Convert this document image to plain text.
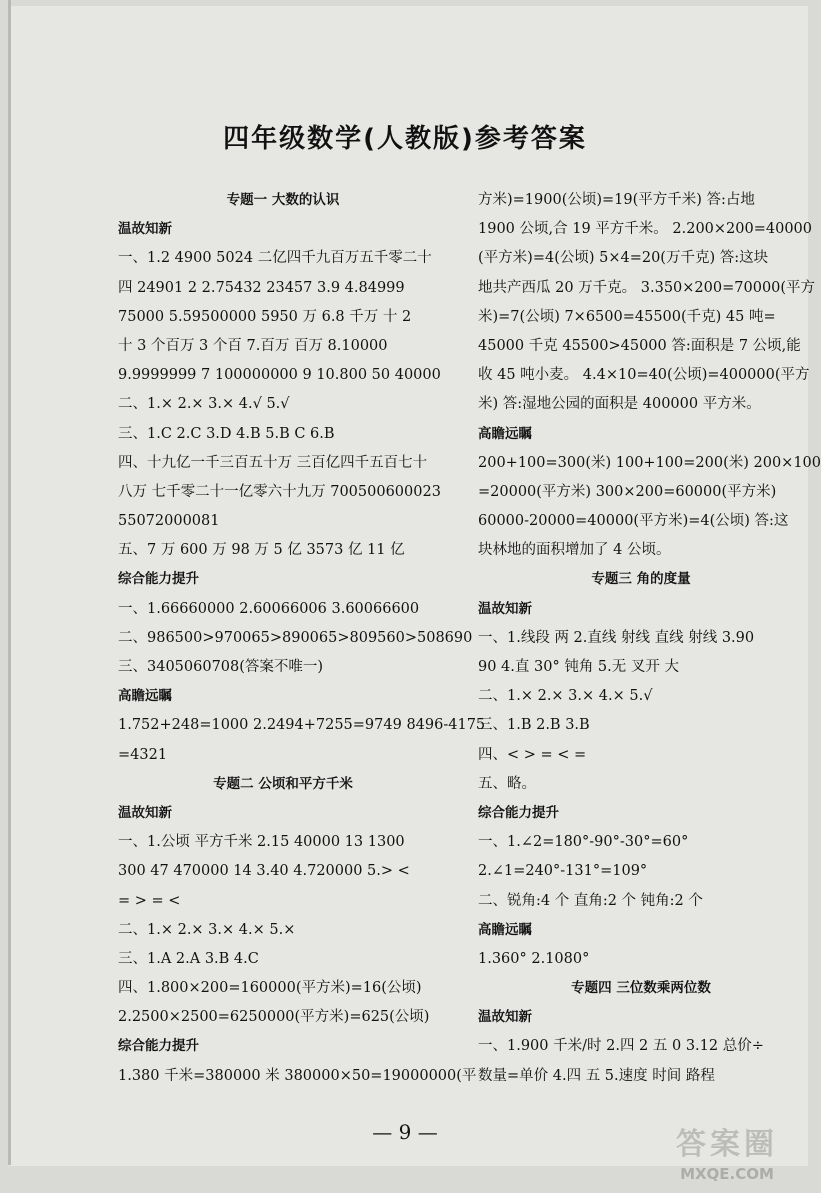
四年级数学(人教版)参考答案
专题一 大数的认识
温故知新
一、1.2 4900 5024 二亿四千九百万五千零二十
四 24901 2 2.75432 23457 3.9 4.84999
75000 5.59500000 5950 万 6.8 千万 十 2
十 3 个百万 3 个百 7.百万 百万 8.10000
9.9999999 7 100000000 9 10.800 50 40000
二、1.× 2.× 3.× 4.√ 5.√
三、1.C 2.C 3.D 4.B 5.B C 6.B
四、十九亿一千三百五十万 三百亿四千五百七十
八万 七千零二十一亿零六十九万 700500600023
55072000081
五、7 万 600 万 98 万 5 亿 3573 亿 11 亿
综合能力提升
一、1.66660000 2.60066006 3.60066600
二、986500>970065>890065>809560>508690
三、3405060708(答案不唯一)
高瞻远瞩
1.752+248=1000 2.2494+7255=9749 8496-4175
=4321
专题二 公顷和平方千米
温故知新
一、1.公顷 平方千米 2.15 40000 13 1300
300 47 470000 14 3.40 4.720000 5.> <
= > = <
二、1.× 2.× 3.× 4.× 5.×
三、1.A 2.A 3.B 4.C
四、1.800×200=160000(平方米)=16(公顷)
2.2500×2500=6250000(平方米)=625(公顷)
综合能力提升
1.380 千米=380000 米 380000×50=19000000(平
方米)=1900(公顷)=19(平方千米) 答:占地
1900 公顷,合 19 平方千米。 2.200×200=40000
(平方米)=4(公顷) 5×4=20(万千克) 答:这块
地共产西瓜 20 万千克。 3.350×200=70000(平方
米)=7(公顷) 7×6500=45500(千克) 45 吨=
45000 千克 45500>45000 答:面积是 7 公顷,能
收 45 吨小麦。 4.4×10=40(公顷)=400000(平方
米) 答:湿地公园的面积是 400000 平方米。
高瞻远瞩
200+100=300(米) 100+100=200(米) 200×100
=20000(平方米) 300×200=60000(平方米)
60000-20000=40000(平方米)=4(公顷) 答:这
块林地的面积增加了 4 公顷。
专题三 角的度量
温故知新
一、1.线段 两 2.直线 射线 直线 射线 3.90
90 4.直 30° 钝角 5.无 叉开 大
二、1.× 2.× 3.× 4.× 5.√
三、1.B 2.B 3.B
四、< > = < =
五、略。
综合能力提升
一、1.∠2=180°-90°-30°=60°
2.∠1=240°-131°=109°
二、锐角:4 个 直角:2 个 钝角:2 个
高瞻远瞩
1.360° 2.1080°
专题四 三位数乘两位数
温故知新
一、1.900 千米/时 2.四 2 五 0 3.12 总价÷
数量=单价 4.四 五 5.速度 时间 路程
— 9 —	答案圈
MXQE.COM
